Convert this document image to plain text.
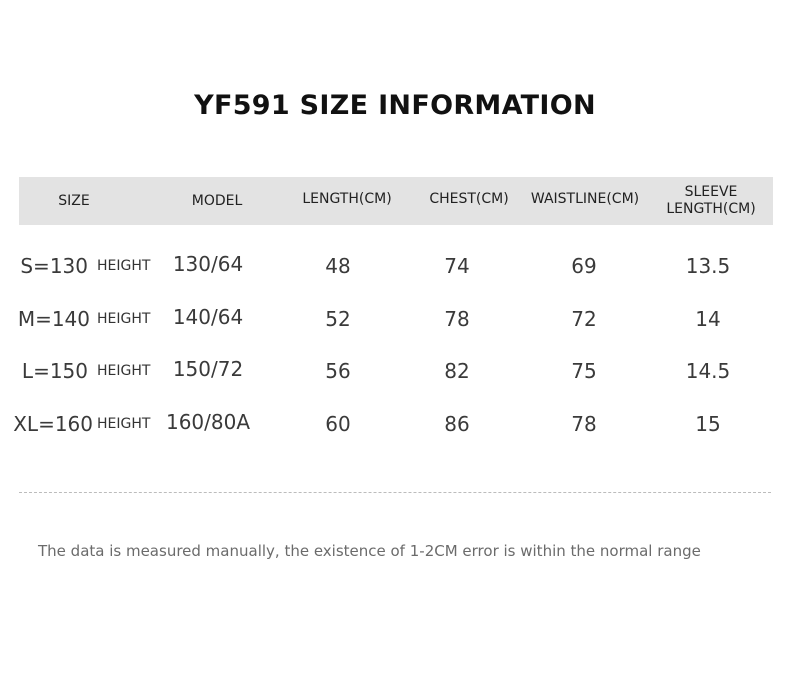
YF591 SIZE INFORMATION
SIZE	MODEL	LENGTH(CM)	CHEST(CM)	WAISTLINE(CM)	SLEEVE
LENGTH(CM)
S=130 HEIGHT	130/64	48	74	69	13.5
M=140 HEIGHT	140/64	52	78	72	14
L=150 HEIGHT	150/72	56	82	75	14.5
XL=160 HEIGHT 160/80A	60	86	78	15
The data is measured manually, the existence of 1-2CM error is within the normal range
